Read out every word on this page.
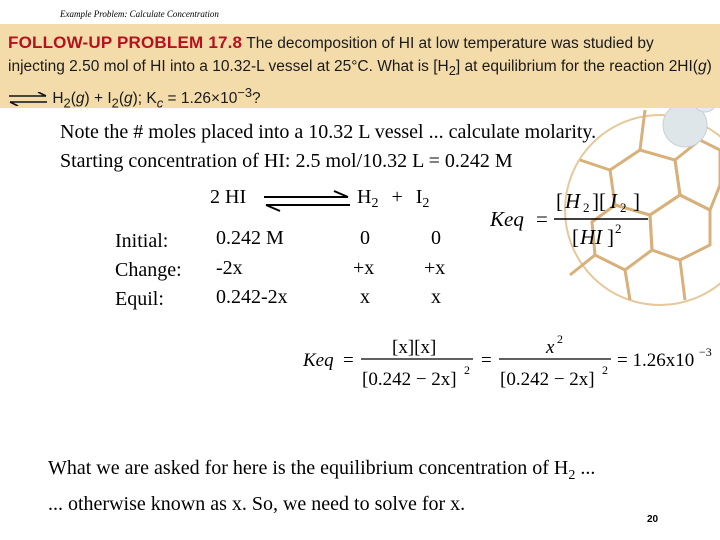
Example Problem: Calculate Concentration
FOLLOW-UP PROBLEM 17.8 The decomposition of HI at low temperature was studied by injecting 2.50 mol of HI into a 10.32-L vessel at 25°C. What is $[H_2]$ at equilibrium for the reaction 2HI(g) ⇌ $H_2(g) + I_2(g)$; $K_c = 1.26\times 10^{-3}$?
Note the # moles placed into a 10.32 L vessel ... calculate molarity.
Starting concentration of HI: 2.5 mol/10.32 L = 0.242 M
2 HI	$H_2 + I_2$
Initial:
Change:
Equil:
0.242 M
-2x
0.242-2x
0
+x
x
0
+x
x
Keq =
[ H 2 ][ I 2 ]
[ HI ] 2
Keq =
[x][x]
[0.242 − 2x] 2 =
x 2
[0.242 − 2x] 2 = 1.26x10 −3
What we are asked for here is the equilibrium concentration of $H_2$ ...
... otherwise known as x. So, we need to solve for x.
20
